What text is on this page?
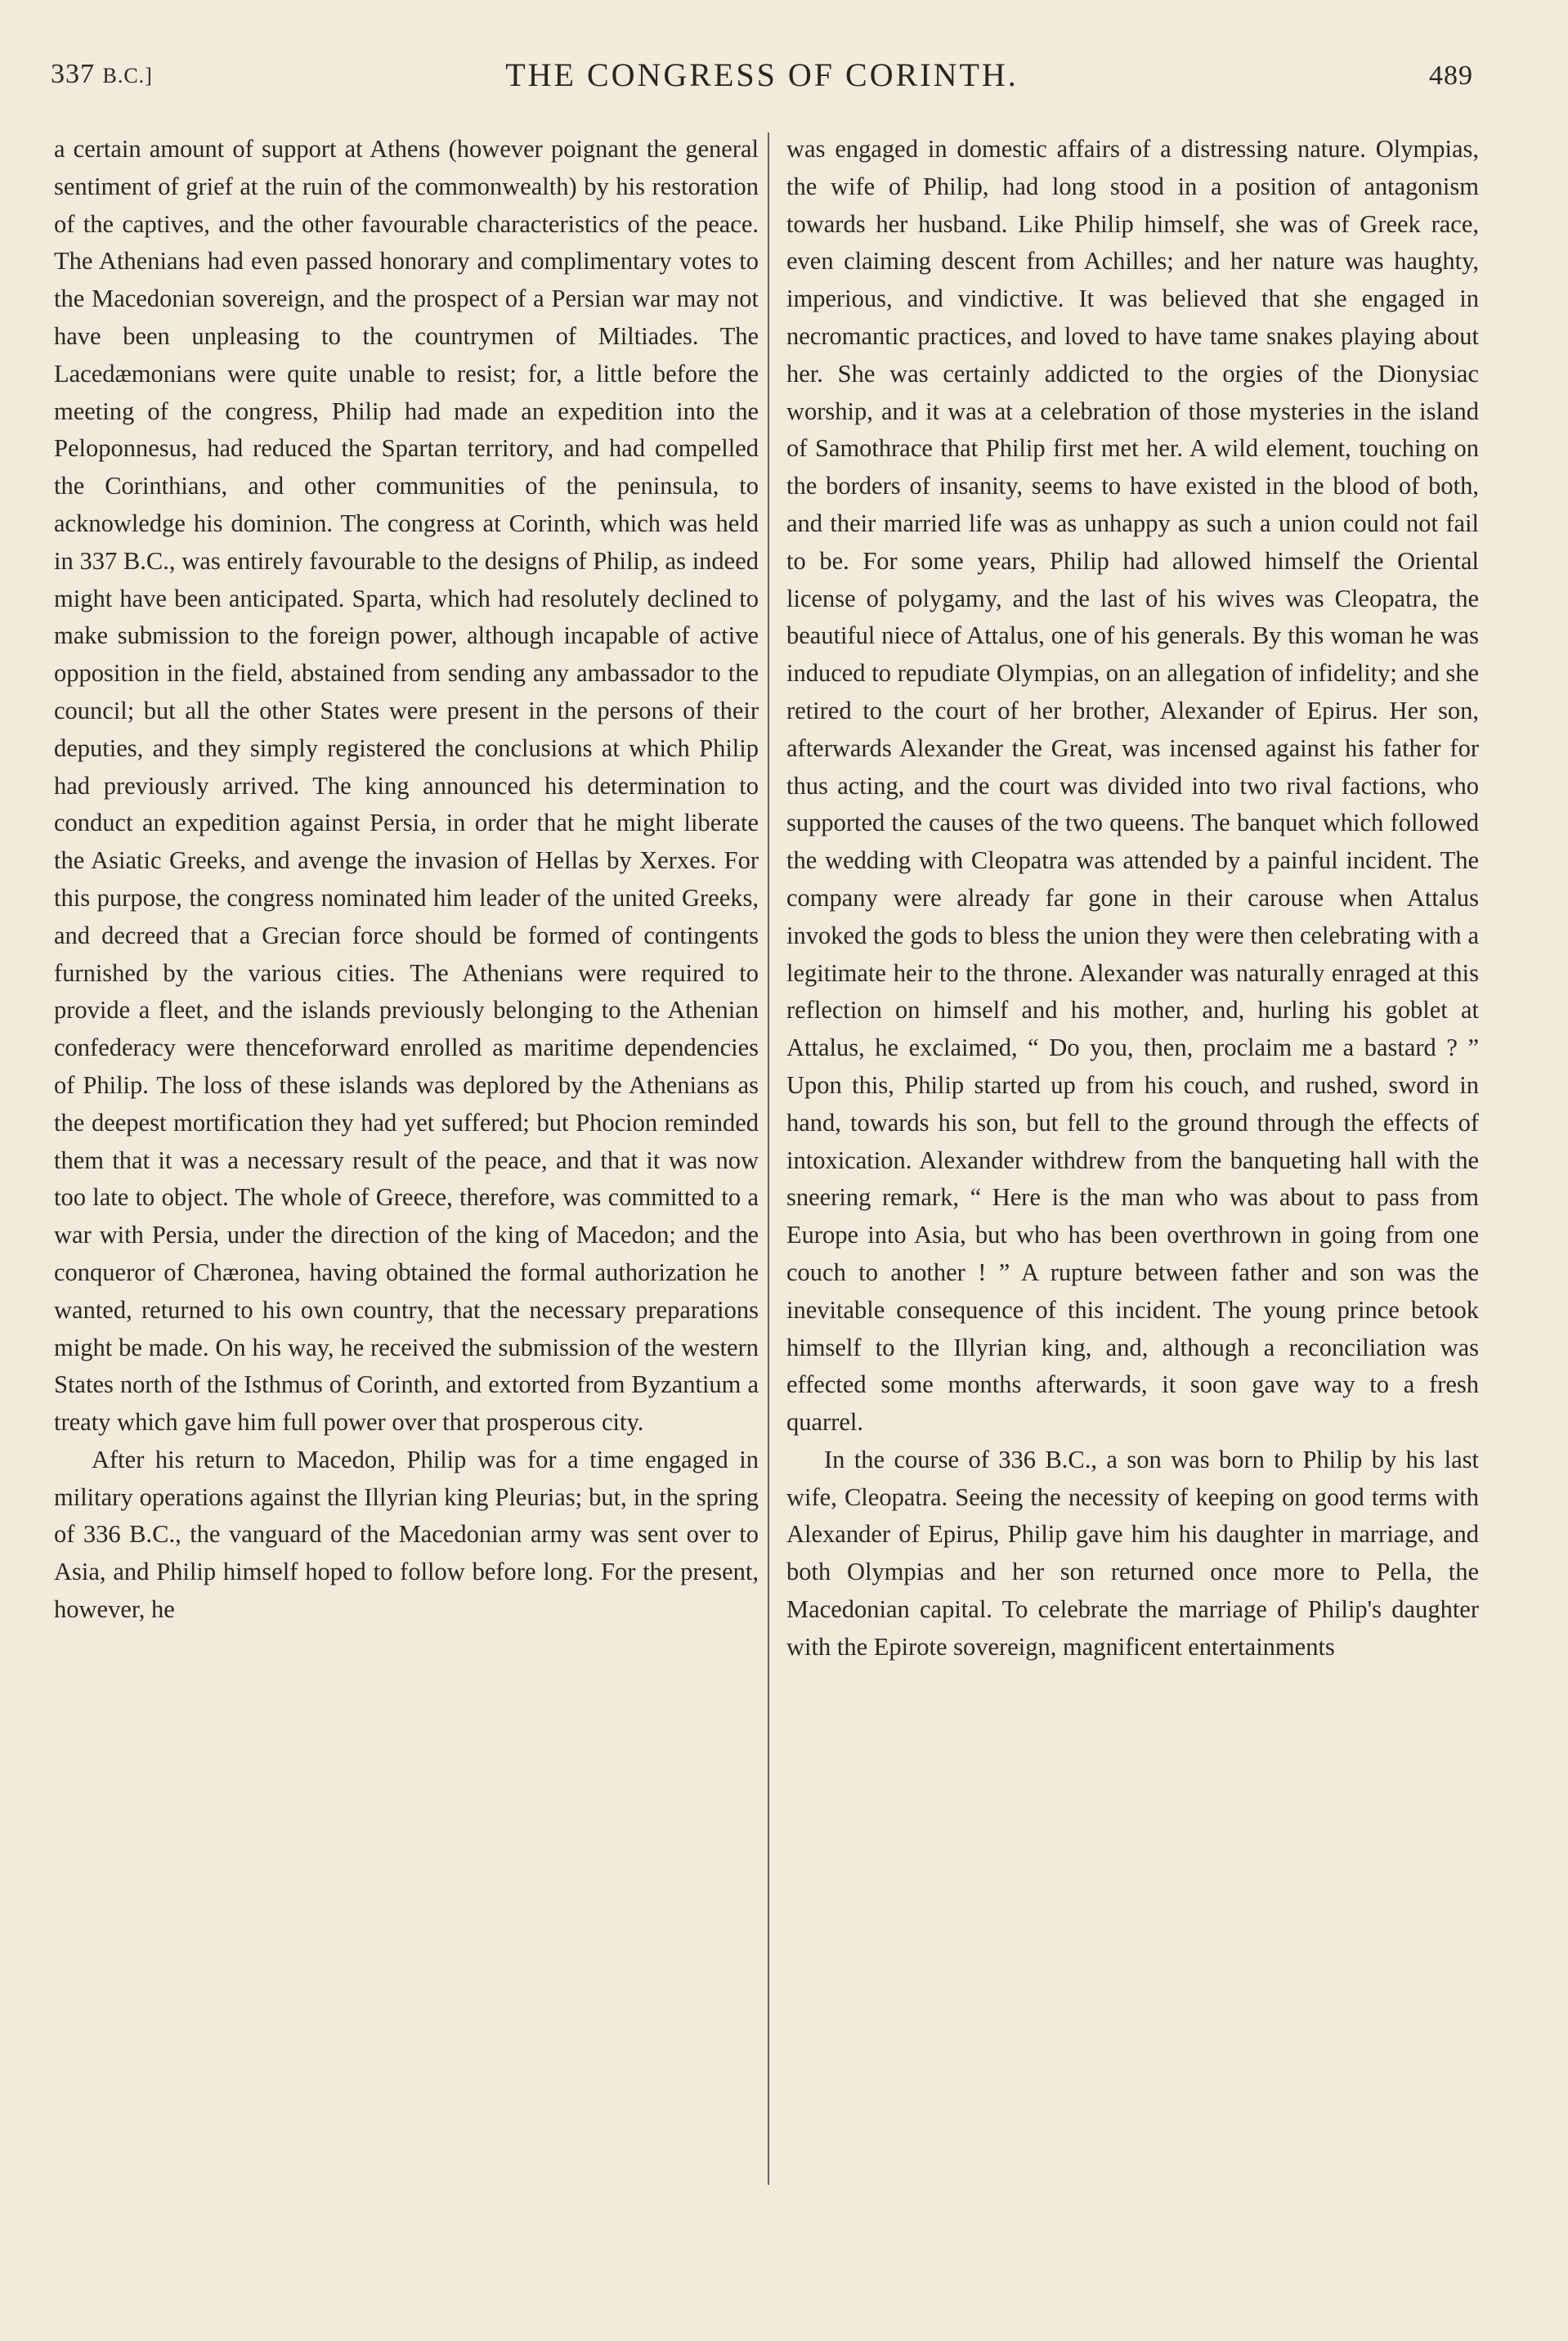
337 B.C.]	THE CONGRESS OF CORINTH.	489

a certain amount of support at Athens (however poignant the general sentiment of grief at the ruin of the commonwealth) by his restoration of the captives, and the other favourable characteristics of the peace. The Athenians had even passed honorary and complimentary votes to the Macedonian sovereign, and the prospect of a Persian war may not have been unpleasing to the countrymen of Miltiades. The Lacedæmonians were quite unable to resist; for, a little before the meeting of the congress, Philip had made an expedition into the Peloponnesus, had reduced the Spartan territory, and had compelled the Corinthians, and other communities of the peninsula, to acknowledge his dominion. The congress at Corinth, which was held in 337 B.C., was entirely favourable to the designs of Philip, as indeed might have been anticipated. Sparta, which had resolutely declined to make submission to the foreign power, although incapable of active opposition in the field, abstained from sending any ambassador to the council; but all the other States were present in the persons of their deputies, and they simply registered the conclusions at which Philip had previously arrived. The king announced his determination to conduct an expedition against Persia, in order that he might liberate the Asiatic Greeks, and avenge the invasion of Hellas by Xerxes. For this purpose, the congress nominated him leader of the united Greeks, and decreed that a Grecian force should be formed of contingents furnished by the various cities. The Athenians were required to provide a fleet, and the islands previously belonging to the Athenian confederacy were thenceforward enrolled as maritime dependencies of Philip. The loss of these islands was deplored by the Athenians as the deepest mortification they had yet suffered; but Phocion reminded them that it was a necessary result of the peace, and that it was now too late to object. The whole of Greece, therefore, was committed to a war with Persia, under the direction of the king of Macedon; and the conqueror of Chæronea, having obtained the formal authorization he wanted, returned to his own country, that the necessary preparations might be made. On his way, he received the submission of the western States north of the Isthmus of Corinth, and extorted from Byzantium a treaty which gave him full power over that prosperous city.

After his return to Macedon, Philip was for a time engaged in military operations against the Illyrian king Pleurias; but, in the spring of 336 B.C., the vanguard of the Macedonian army was sent over to Asia, and Philip himself hoped to follow before long. For the present, however, he

was engaged in domestic affairs of a distressing nature. Olympias, the wife of Philip, had long stood in a position of antagonism towards her husband. Like Philip himself, she was of Greek race, even claiming descent from Achilles; and her nature was haughty, imperious, and vindictive. It was believed that she engaged in necromantic practices, and loved to have tame snakes playing about her. She was certainly addicted to the orgies of the Dionysiac worship, and it was at a celebration of those mysteries in the island of Samothrace that Philip first met her. A wild element, touching on the borders of insanity, seems to have existed in the blood of both, and their married life was as unhappy as such a union could not fail to be. For some years, Philip had allowed himself the Oriental license of polygamy, and the last of his wives was Cleopatra, the beautiful niece of Attalus, one of his generals. By this woman he was induced to repudiate Olympias, on an allegation of infidelity; and she retired to the court of her brother, Alexander of Epirus. Her son, afterwards Alexander the Great, was incensed against his father for thus acting, and the court was divided into two rival factions, who supported the causes of the two queens. The banquet which followed the wedding with Cleopatra was attended by a painful incident. The company were already far gone in their carouse when Attalus invoked the gods to bless the union they were then celebrating with a legitimate heir to the throne. Alexander was naturally enraged at this reflection on himself and his mother, and, hurling his goblet at Attalus, he exclaimed, “ Do you, then, proclaim me a bastard ? ” Upon this, Philip started up from his couch, and rushed, sword in hand, towards his son, but fell to the ground through the effects of intoxication. Alexander withdrew from the banqueting hall with the sneering remark, “ Here is the man who was about to pass from Europe into Asia, but who has been overthrown in going from one couch to another ! ” A rupture between father and son was the inevitable consequence of this incident. The young prince betook himself to the Illyrian king, and, although a reconciliation was effected some months afterwards, it soon gave way to a fresh quarrel.

In the course of 336 B.C., a son was born to Philip by his last wife, Cleopatra. Seeing the necessity of keeping on good terms with Alexander of Epirus, Philip gave him his daughter in marriage, and both Olympias and her son returned once more to Pella, the Macedonian capital. To celebrate the marriage of Philip's daughter with the Epirote sovereign, magnificent entertainments
